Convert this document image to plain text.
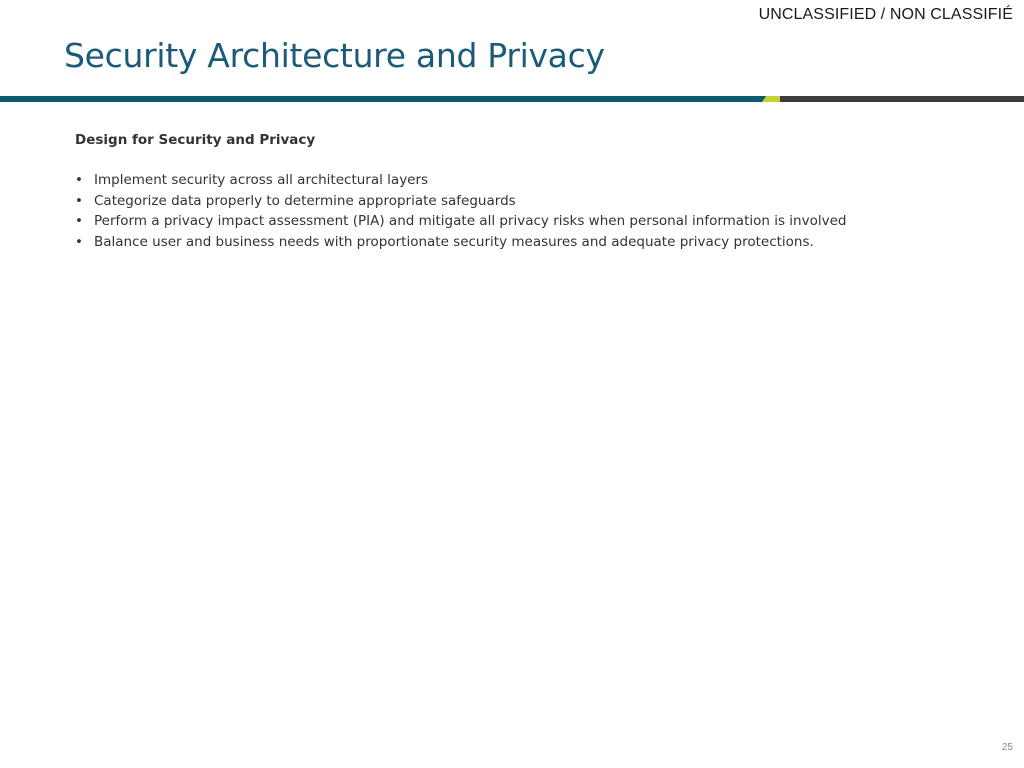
UNCLASSIFIED / NON CLASSIFIÉ
Security Architecture and Privacy

Design for Security and Privacy

• Implement security across all architectural layers
• Categorize data properly to determine appropriate safeguards
• Perform a privacy impact assessment (PIA) and mitigate all privacy risks when personal information is involved
• Balance user and business needs with proportionate security measures and adequate privacy protections.
25
